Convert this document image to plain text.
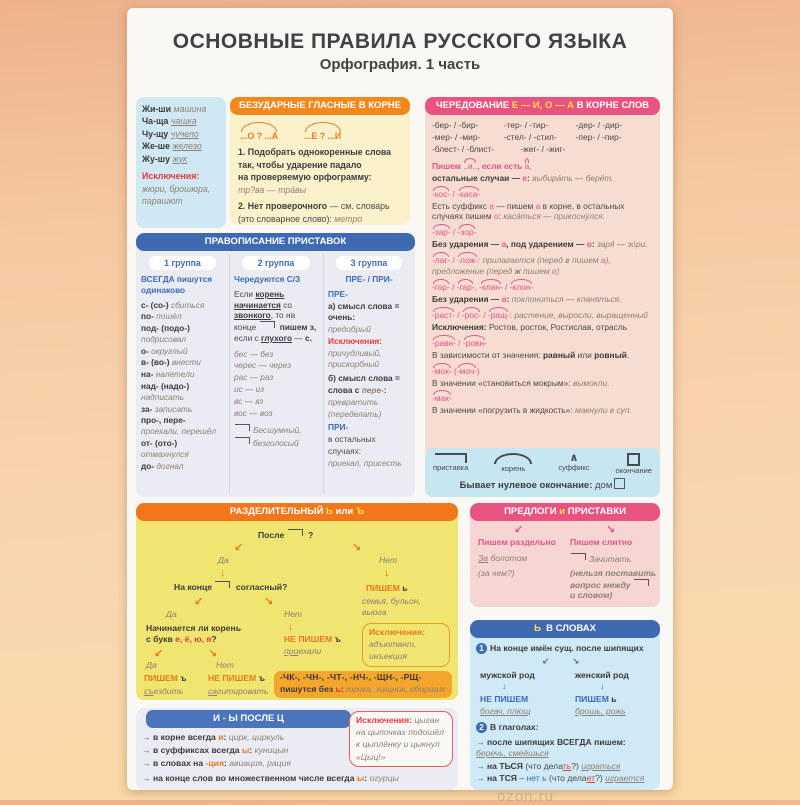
ОСНОВНЫЕ ПРАВИЛА РУССКОГО ЯЗЫКА
Орфография. 1 часть
Жи-ши машина
Ча-ща чашка
Чу-щу чучело
Же-ше железо
Жу-шу жук
Исключения:
жюри, брошюра,
парашют
БЕЗУДАРНЫЕ ГЛАСНЫЕ В КОРНЕ
...О ? ...А	...Е ? ...И
1. Подобрать однокоренные слова
так, чтобы ударение падало
на проверяемую орфограмму:
тр?ва — тра́вы
2. Нет проверочного — см. словарь
(это словарное слово): метро
ЧЕРЕДОВАНИЕ Е — И, О — А В КОРНЕ СЛОВ
-бер- / -бир-	-тер- / -тир-	-дер- / -дир-
-мер- / -мир-	-стел- / -стил- -пер- / -пир-
-блест- / -блист-	-жег- / -жиг-
Пишем ..и.., если есть а,
остальные случаи — е: выбира́ть — берёт.
-кос- / -каса-
Есть суффикс а — пишем а в корне, в остальных случаях пишем о: каса́ться — прикосну́лся.
-зар- / -зор-
Без ударения — а, под ударением — о: заря́ — зо́ри.
-лаг- / -лож-: прилагается (перед г пишем а), предложение (перед ж пишем о)
-гор- / -гар-, -клан- / -клон-
Без ударения — о: поклониться — кланяться.
-раст- / -рос- / -ращ-: растение, выросли, выращенный
Исключения: Ростов, росток, Ростислав, отрасль
-равн- / -ровн-
В зависимости от значения: равный или ровный.
-мок- (-моч-)
В значении «становиться мокрым»: вымокли.
-мак-
В значении «погрузить в жидкость»: макнули в суп.
ПРАВОПИСАНИЕ ПРИСТАВОК
1 группа
ВСЕГДА пишутся одинаково
с- (со-) сбиться
по- пошёл
под- (подо-) подрисовал
о- округлый
в- (во-) внести
на- налетели
над- (надо-) надписать
за- записать
про-, пере- проехали, перешёл
от- (ото-) отмахнулся
до- догнал
2 группа
Чередуются С/З
Если корень начинается со звонкого, то на конце  пишем з, если с глухого — с.
бес — без
черес — через
рас — раз
ис — из
вс — вз
вос — воз
Бесшумный,
безголосый
3 группа
ПРЕ- / ПРИ-
ПРЕ-
а) смысл слова =
очень:
предобрый
Исключения:
причудливый,
прискорбный
б) смысл слова =
слова с пере-:
превратить
(переделать)
ПРИ-
в остальных
случаях:
приехал, присесть	приставка	корень
∧
суффикс	окончание
Бывает нулевое окончание: дом
РАЗДЕЛИТЕЛЬНЫЙ Ь или Ъ
После  ?
↙	↘
Да
↓
Нет
↓
На конце  согласный?	ПИШЕМ ь
семья, бульон,
вьюга
↙	↘
Да	Нет
↓
Начинается ли корень
с букв е, ё, ю, я?	НЕ ПИШЕМ ъ
проехали
↙	↘
Да	Нет
ПИШЕМ ъ
съездить
НЕ ПИШЕМ ъ
сагитировать
Исключения:
адъютант,
инъекция
-ЧК-, -ЧН-, -ЧТ-, -НЧ-, -ЩН-, -РЩ-
пишутся без ь: точка, хищник, сборщик
ПРЕДЛОГИ и ПРИСТАВКИ
↙	↘
Пишем раздельно
За болотом
(за чем?)
Пишем слитно
Зачитать
(нельзя поставить
вопрос между
и словом)
Ь  В СЛОВАХ
1 На конце имён сущ. после шипящих
↙	↘
мужской род
↓
НЕ ПИШЕМ
богач, плющ
женский род
↓
ПИШЕМ ь
брошь, рожь
2 В глаголах:
→ после шипящих ВСЕГДА пишем:
беречь, смеёшься
→ на ТЬСЯ (что делать?) играться
→ на ТСЯ – нет ь (что делает?) играется
И - Ы ПОСЛЕ Ц
→ в корне всегда и: цирк, циркуль
→ в суффиксах всегда ы: куницын
→ в словах на -ция: авиация, рация
→ на конце слов во множественном числе всегда ы: огурцы
Исключения: цыган
на цыпочках подошёл
к цыплёнку и цыкнул
«Цыц!»
ozon.ru
